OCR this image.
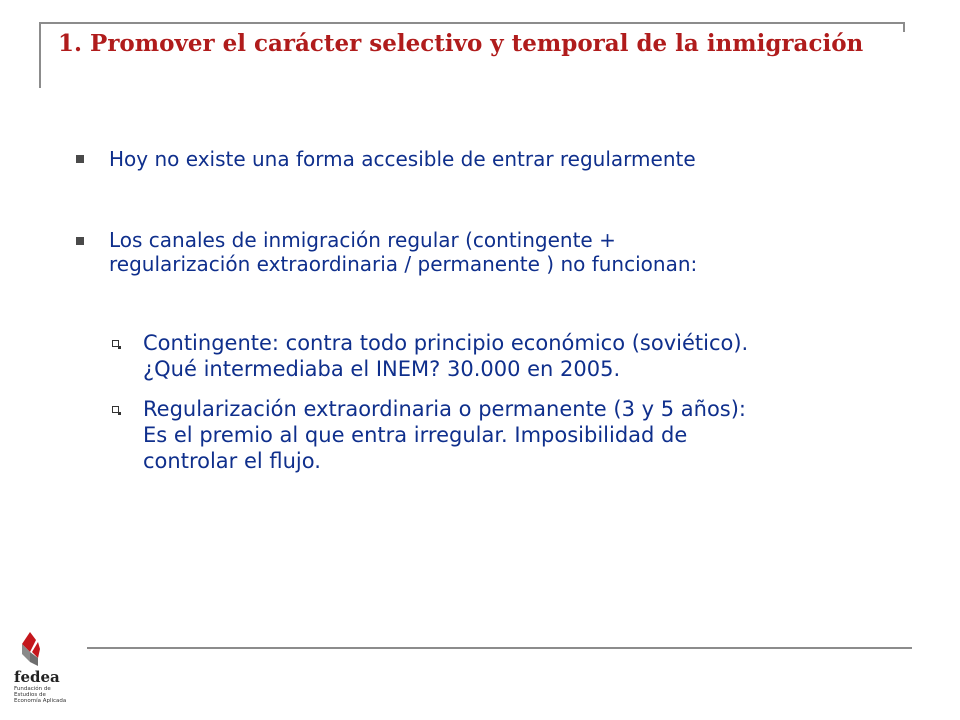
1. Promover el carácter selectivo y temporal de la inmigración

Hoy no existe una forma accesible de entrar regularmente

Los canales de inmigración regular (contingente +
regularización extraordinaria / permanente ) no funcionan:

Contingente: contra todo principio económico (soviético).
¿Qué intermediaba el INEM? 30.000 en 2005.

Regularización extraordinaria o permanente (3 y 5 años):
Es el premio al que entra irregular. Imposibilidad de
controlar el flujo.

fedea
Fundación de
Estudios de
Economía Aplicada
